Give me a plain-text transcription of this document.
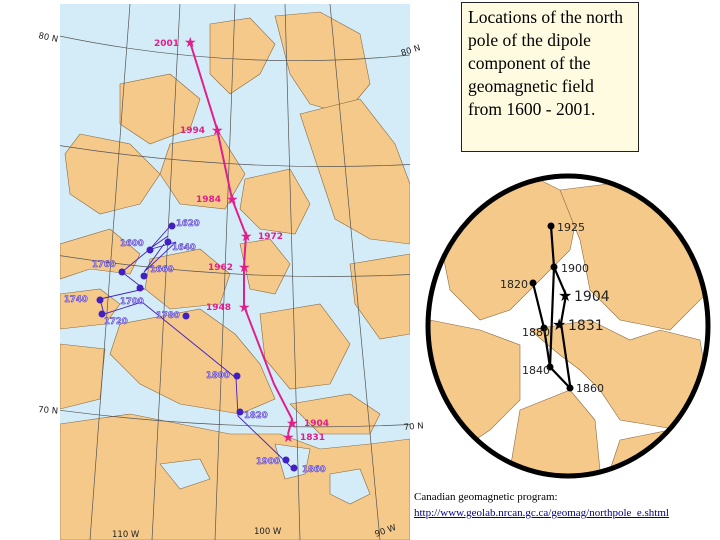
80 N
80 N
70 N
70 N
110 W	100 W	90 W
2001 ★
1994 ★
1984 ★
1972
★
1962 ★
1948 ★
1904
★
1831
★
1620
1600	1640
1760	1660
1740	1700
1720
1780
1800
1820
1900
1860
Locations of the north pole of the dipole component of the geomagnetic field from 1600 - 2001.
★
★
1925
1900
1820
1904
1831
1880
1840
1860
Canadian geomagnetic program:
http://www.geolab.nrcan.gc.ca/geomag/northpole_e.shtml
